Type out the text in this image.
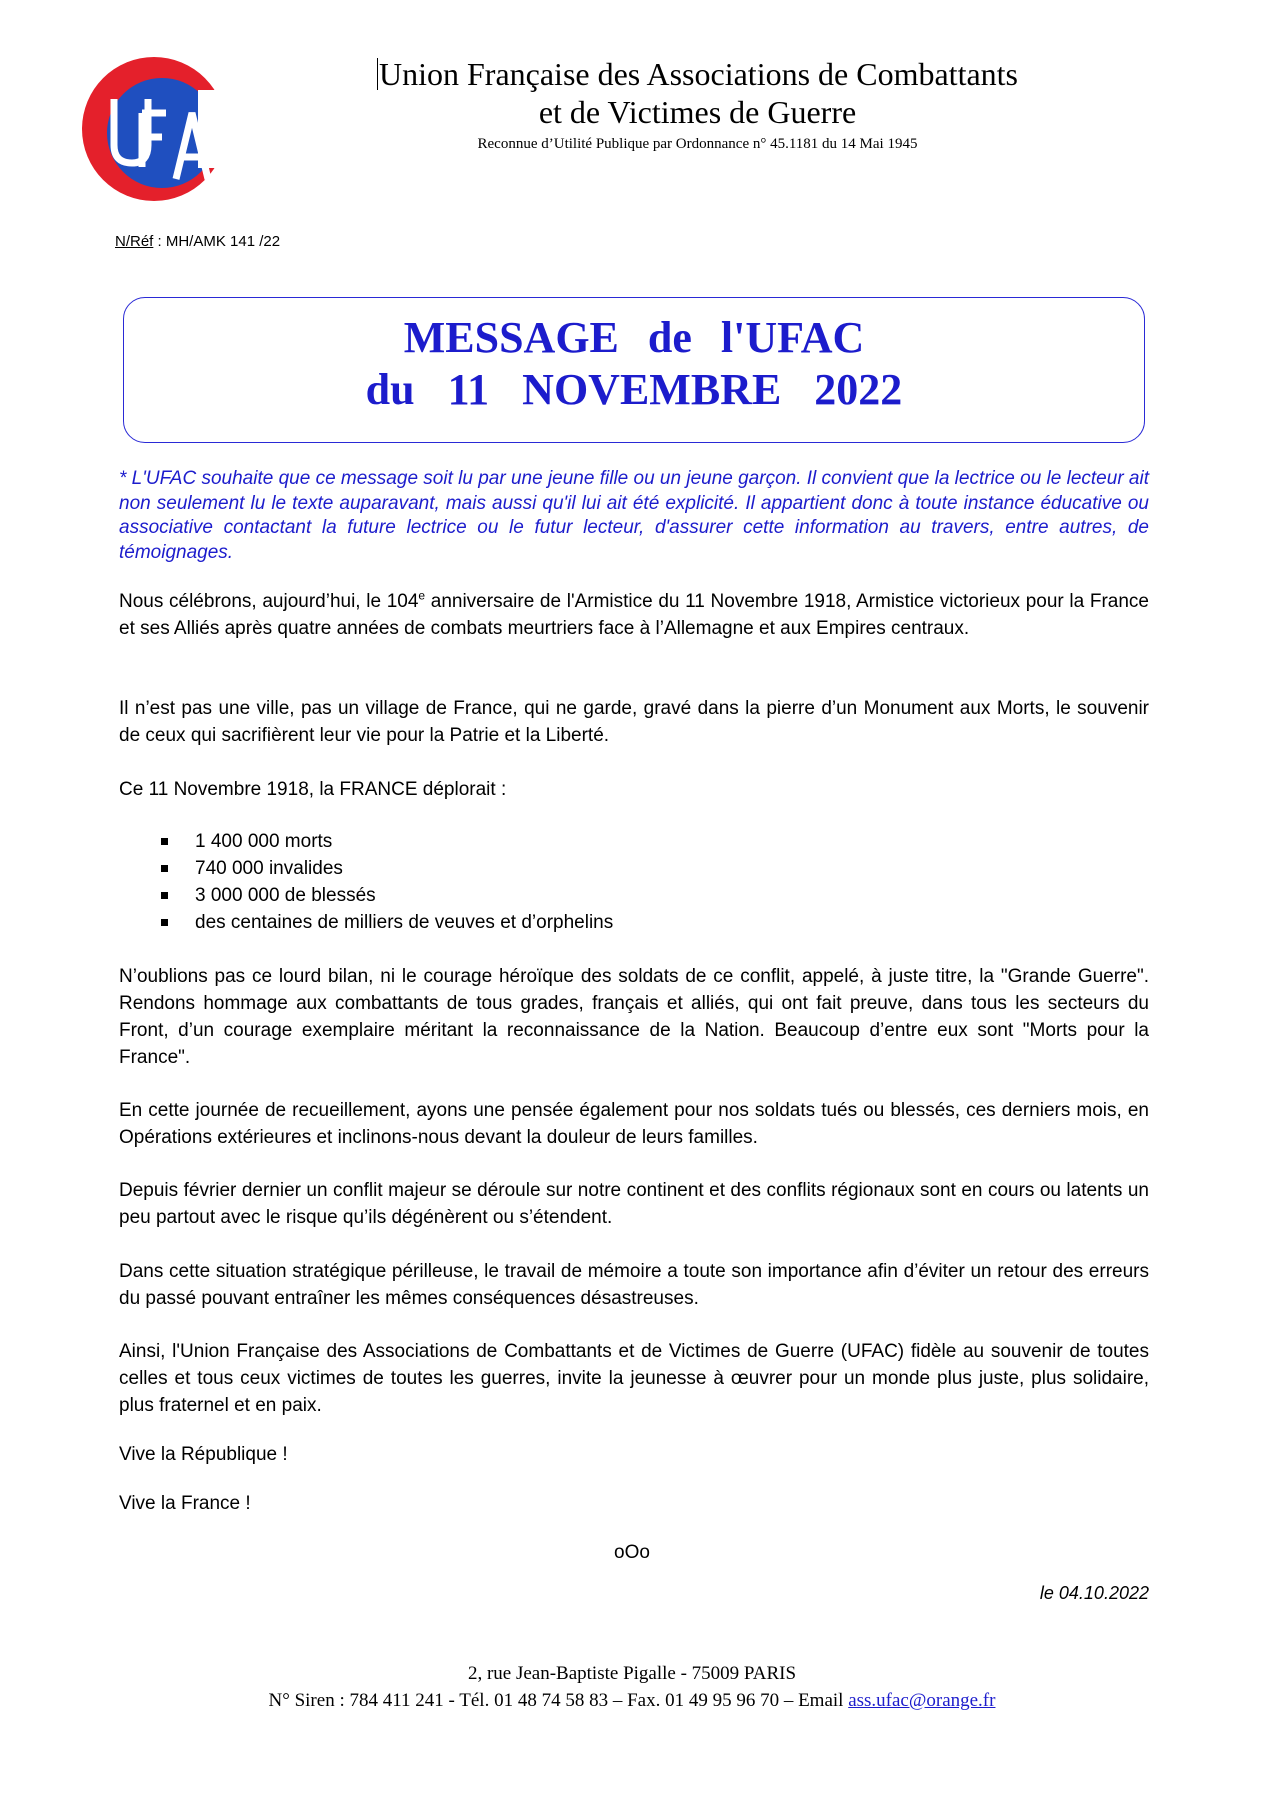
Union Française des Associations de Combattants
et de Victimes de Guerre
Reconnue d’Utilité Publique par Ordonnance n° 45.1181 du 14 Mai 1945
N/Réf : MH/AMK 141 /22
MESSAGE de l'UFAC
du 11 NOVEMBRE 2022
* L'UFAC souhaite que ce message soit lu par une jeune fille ou un jeune garçon. Il convient que la lectrice ou le lecteur ait non seulement lu le texte auparavant, mais aussi qu'il lui ait été explicité. Il appartient donc à toute instance éducative ou associative contactant la future lectrice ou le futur lecteur, d'assurer cette information au travers, entre autres, de témoignages.
Nous célébrons, aujourd’hui, le 104e anniversaire de l'Armistice du 11 Novembre 1918, Armistice victorieux pour la France et ses Alliés après quatre années de combats meurtriers face à l’Allemagne et aux Empires centraux.
Il n’est pas une ville, pas un village de France, qui ne garde, gravé dans la pierre d’un Monument aux Morts, le souvenir de ceux qui sacrifièrent leur vie pour la Patrie et la Liberté.
Ce 11 Novembre 1918, la FRANCE déplorait :
1 400 000 morts
740 000 invalides
3 000 000 de blessés
des centaines de milliers de veuves et d’orphelins
N’oublions pas ce lourd bilan, ni le courage héroïque des soldats de ce conflit, appelé, à juste titre, la "Grande Guerre". Rendons hommage aux combattants de tous grades, français et alliés, qui ont fait preuve, dans tous les secteurs du Front, d’un courage exemplaire méritant la reconnaissance de la Nation. Beaucoup d’entre eux sont "Morts pour la France".
En cette journée de recueillement, ayons une pensée également pour nos soldats tués ou blessés, ces derniers mois, en Opérations extérieures et inclinons-nous devant la douleur de leurs familles.
Depuis février dernier un conflit majeur se déroule sur notre continent et des conflits régionaux sont en cours ou latents un peu partout avec le risque qu’ils dégénèrent ou s’étendent.
Dans cette situation stratégique périlleuse, le travail de mémoire a toute son importance afin d’éviter un retour des erreurs du passé pouvant entraîner les mêmes conséquences désastreuses.
Ainsi, l'Union Française des Associations de Combattants et de Victimes de Guerre (UFAC) fidèle au souvenir de toutes celles et tous ceux victimes de toutes les guerres, invite la jeunesse à œuvrer pour un monde plus juste, plus solidaire, plus fraternel et en paix.
Vive la République !
Vive la France !
oOo
le 04.10.2022
2, rue Jean-Baptiste Pigalle - 75009 PARIS
N° Siren : 784 411 241 - Tél. 01 48 74 58 83 – Fax. 01 49 95 96 70 – Email ass.ufac@orange.fr
